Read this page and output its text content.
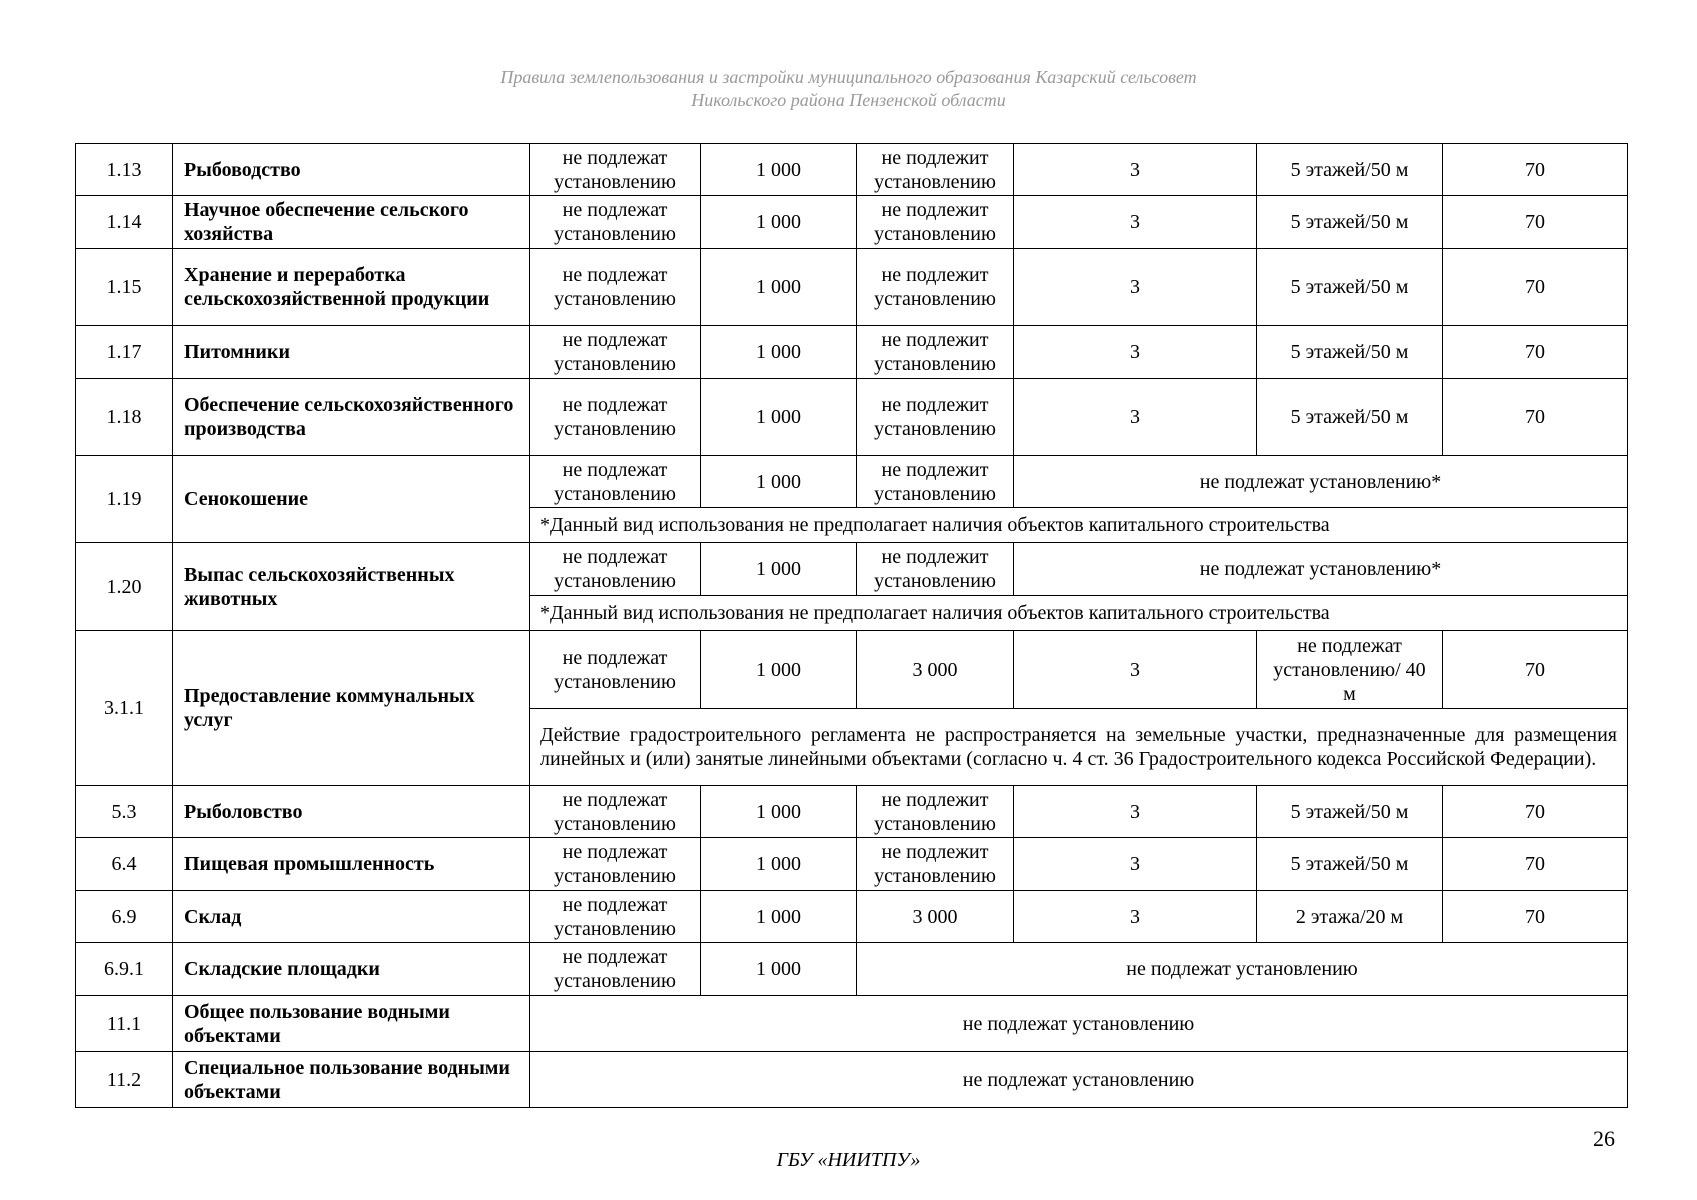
Правила землепользования и застройки муниципального образования Казарский сельсовет
Никольского района Пензенской области
1.13	Рыбоводство	не подлежат установлению	1 000	не подлежит установлению	3	5 этажей/50 м	70
1.14	Научное обеспечение сельского хозяйства	не подлежат установлению	1 000	не подлежит установлению	3	5 этажей/50 м	70
1.15	Хранение и переработка сельскохозяйственной продукции	не подлежат установлению	1 000	не подлежит установлению	3	5 этажей/50 м	70
1.17	Питомники	не подлежат установлению	1 000	не подлежит установлению	3	5 этажей/50 м	70
1.18	Обеспечение сельскохозяйственного производства	не подлежат установлению	1 000	не подлежит установлению	3	5 этажей/50 м	70
1.19	Сенокошение	не подлежат установлению	1 000	не подлежит установлению	не подлежат установлению*		
		*Данный вид использования не предполагает наличия объектов капитального строительства					
1.20	Выпас сельскохозяйственных животных	не подлежат установлению	1 000	не подлежит установлению	не подлежат установлению*		
		*Данный вид использования не предполагает наличия объектов капитального строительства					
3.1.1	Предоставление коммунальных услуг	не подлежат установлению	1 000	3 000	3	не подлежат установлению/ 40 м	70
		Действие градостроительного регламента не распространяется на земельные участки, предназначенные для размещения линейных и (или) занятые линейными объектами (согласно ч. 4 ст. 36 Градостроительного кодекса Российской Федерации).					
5.3	Рыболовство	не подлежат установлению	1 000	не подлежит установлению	3	5 этажей/50 м	70
6.4	Пищевая промышленность	не подлежат установлению	1 000	не подлежит установлению	3	5 этажей/50 м	70
6.9	Склад	не подлежат установлению	1 000	3 000	3	2 этажа/20 м	70
6.9.1	Складские площадки	не подлежат установлению	1 000	не подлежат установлению			
11.1	Общее пользование водными объектами	не подлежат установлению					
11.2	Специальное пользование водными объектами	не подлежат установлению					
26
ГБУ «НИИТПУ»
